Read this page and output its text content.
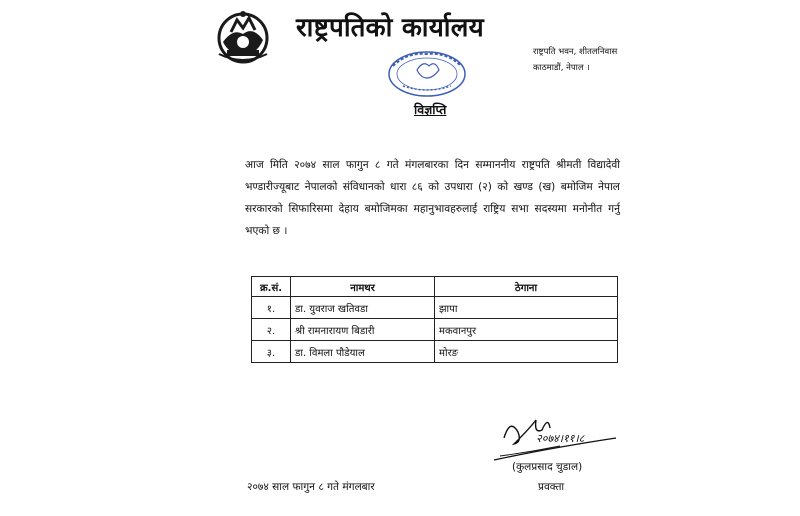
राष्ट्रपतिको कार्यालय
राष्ट्रपति भवन, शीतलनिवास
काठमाडौं, नेपाल ।
विज्ञप्ति
आज मिति २०७४ साल फागुन ८ गते मंगलबारका दिन सम्माननीय राष्ट्रपति श्रीमती विद्यादेवी भण्डारीज्यूबाट नेपालको संविधानको धारा ८६ को उपधारा (२) को खण्ड (ख) बमोजिम नेपाल सरकारको सिफारिसमा देहाय बमोजिमका महानुभावहरुलाई राष्ट्रिय सभा सदस्यमा मनोनीत गर्नु भएको छ ।
क्र.सं.	नामथर	ठेगाना
१.	डा. युवराज खतिवडा	झापा
२.	श्री रामनारायण बिडारी	मकवानपुर
३.	डा. विमला पौडेयाल	मोरङ
२०७४।११।८
(कुलप्रसाद चुडाल)
प्रवक्ता
२०७४ साल फागुन ८ गते मंगलबार
